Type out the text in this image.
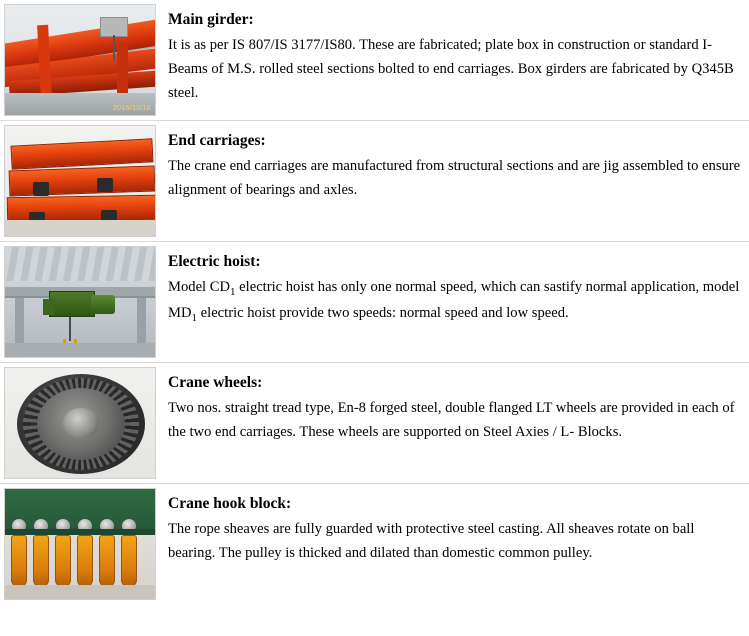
2015/10/18

Main girder:

It is as per IS 807/IS 3177/IS80. These are fabricated; plate box in construction or standard I-Beams of M.S. rolled steel sections bolted to end carriages. Box girders are fabricated by Q345B steel.

End carriages:

The crane end carriages are manufactured from structural sections and are jig assembled to ensure alignment of bearings and axles.

Electric hoist:

Model $CD_1$ electric hoist has only one normal speed, which can sastify normal application, model $MD_1$ electric hoist provide two speeds: normal speed and low speed.

Crane wheels:

Two nos. straight tread type, En-8 forged steel, double flanged LT wheels are provided in each of the two end carriages. These wheels are supported on Steel Axies / L- Blocks.

Crane hook block:

The rope sheaves are fully guarded with protective steel casting. All sheaves rotate on ball bearing. The pulley is thicked and dilated than domestic common pulley.
